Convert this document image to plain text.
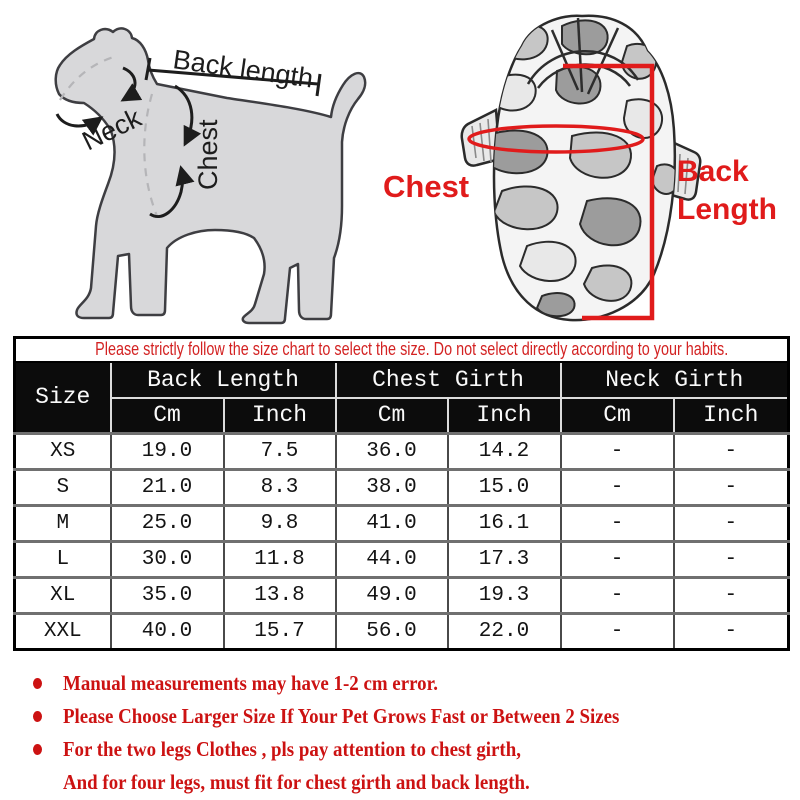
Back length
Neck Chest	Chest	Back
Length
Please strictly follow the size chart to select the size. Do not select directly according to your habits.						
Size	Back Length		Chest Girth		Neck Girth	
	Cm	Inch	Cm	Inch	Cm	Inch
XS	19.0	7.5	36.0	14.2	-	-
S	21.0	8.3	38.0	15.0	-	-
M	25.0	9.8	41.0	16.1	-	-
L	30.0	11.8	44.0	17.3	-	-
XL	35.0	13.8	49.0	19.3	-	-
XXL	40.0	15.7	56.0	22.0	-	-
Manual measurements may have 1-2 cm error.
Please Choose Larger Size If Your Pet Grows Fast or Between 2 Sizes
For the two legs Clothes , pls pay attention to chest girth,
And for four legs, must fit for chest girth and back length.
